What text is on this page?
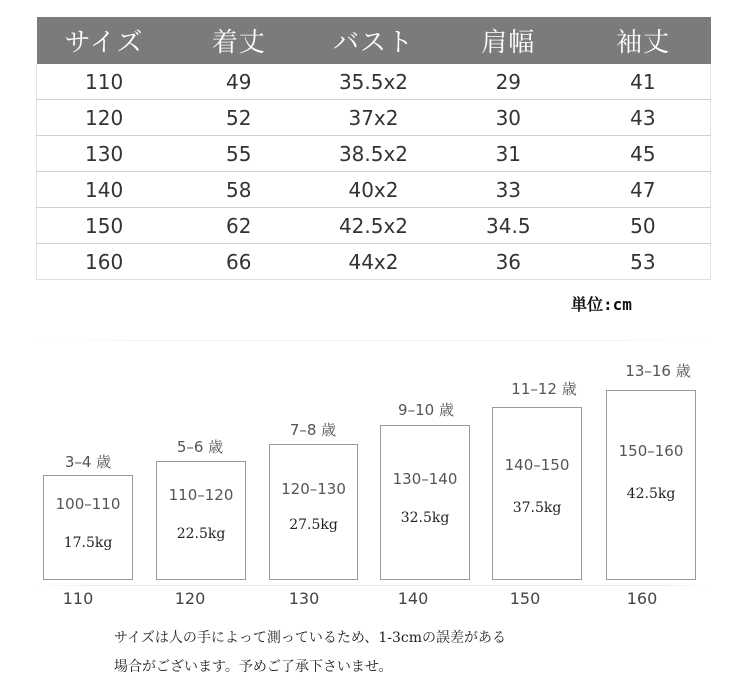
サイズ	着丈	バスト	肩幅	袖丈
110	49	35.5x2	29	41
120	52	37x2	30	43
130	55	38.5x2	31	45
140	58	40x2	33	47
150	62	42.5x2	34.5	50
160	66	44x2	36	53
単位:cm
3–4 歳
100–110
17.5kg
110
5–6 歳
110–120
22.5kg
120
7–8 歳
120–130
27.5kg
130
9–10 歳
130–140
32.5kg
140
11–12 歳
140–150
37.5kg
150
13–16 歳
150–160
42.5kg
160
サイズは人の手によって測っているため、1-3cmの誤差がある
場合がございます。予めご了承下さいませ。
